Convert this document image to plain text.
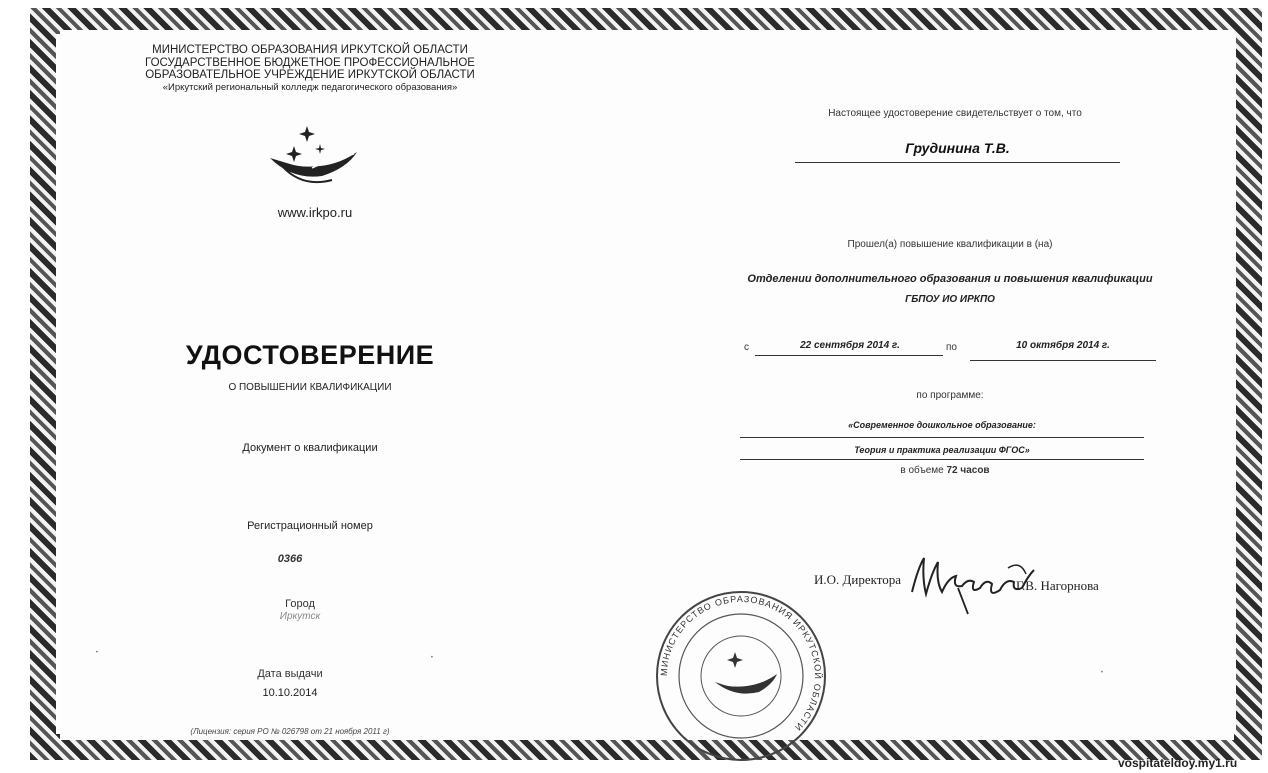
МИНИСТЕРСТВО ОБРАЗОВАНИЯ ИРКУТСКОЙ ОБЛАСТИ
ГОСУДАРСТВЕННОЕ БЮДЖЕТНОЕ ПРОФЕССИОНАЛЬНОЕ
ОБРАЗОВАТЕЛЬНОЕ УЧРЕЖДЕНИЕ ИРКУТСКОЙ ОБЛАСТИ
«Иркутский региональный колледж педагогического образования»
www.irkpo.ru
УДОСТОВЕРЕНИЕ
О ПОВЫШЕНИИ КВАЛИФИКАЦИИ
Документ о квалификации
Регистрационный номер
0366
Город
Иркутск
Дата выдачи
10.10.2014
(Лицензия: серия РО № 026798 от 21 ноября 2011 г)
Настоящее удостоверение свидетельствует о том, что
Грудинина Т.В.
Прошел(а) повышение квалификации в (на)
Отделении дополнительного образования и повышения квалификации
ГБПОУ ИО ИРКПО
с	22 сентября 2014 г.	по	10 октября 2014 г.
по программе:
«Современное дошкольное образование:
Теория и практика реализации ФГОС»
в объеме 72 часов
И.О. Директора	Г.В. Нагорнова
МИНИСТЕРСТВО ОБРАЗОВАНИЯ ИРКУТСКОЙ ОБЛАСТИ
‧	‧
‧
vospitateldoy.my1.ru
